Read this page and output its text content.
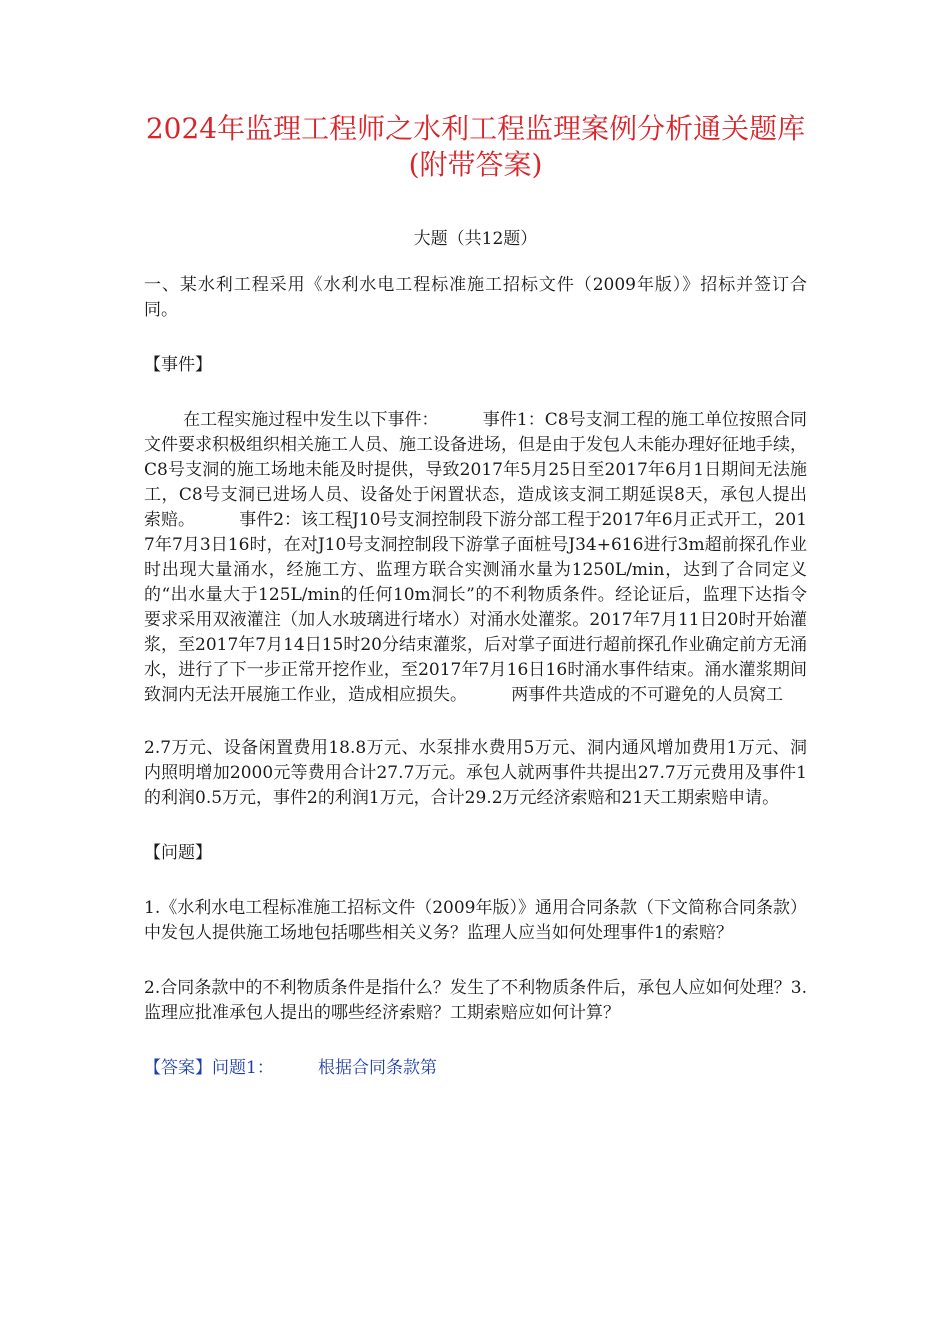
2024年监理工程师之水利工程监理案例分析通关题库(附带答案)
大题（共12题）

一、某水利工程采用《水利水电工程标准施工招标文件（2009年版）》招标并签订合同。

【事件】

在工程实施过程中发生以下事件：	事件1：C8号支洞工程的施工单位按照合同文件要求积极组织相关施工人员、施工设备进场，但是由于发包人未能办理好征地手续，C8号支洞的施工场地未能及时提供，导致2017年5月25日至2017年6月1日期间无法施工，C8号支洞已进场人员、设备处于闲置状态，造成该支洞工期延误8天，承包人提出索赔。	事件2：该工程J10号支洞控制段下游分部工程于2017年6月正式开工，2017年7月3日16时，在对J10号支洞控制段下游掌子面桩号J34+616进行3m超前探孔作业时出现大量涌水，经施工方、监理方联合实测涌水量为1250L/min，达到了合同定义的“出水量大于125L/min的任何10m洞长”的不利物质条件。经论证后，监理下达指令要求采用双液灌注（加人水玻璃进行堵水）对涌水处灌浆。2017年7月11日20时开始灌浆，至2017年7月14日15时20分结束灌浆，后对掌子面进行超前探孔作业确定前方无涌水，进行了下一步正常开挖作业，至2017年7月16日16时涌水事件结束。涌水灌浆期间致洞内无法开展施工作业，造成相应损失。	两事件共造成的不可避免的人员窝工

2.7万元、设备闲置费用18.8万元、水泵排水费用5万元、洞内通风增加费用1万元、洞内照明增加2000元等费用合计27.7万元。承包人就两事件共提出27.7万元费用及事件1的利润0.5万元，事件2的利润1万元，合计29.2万元经济索赔和21天工期索赔申请。

【问题】

1.《水利水电工程标准施工招标文件（2009年版）》通用合同条款（下文简称合同条款）中发包人提供施工场地包括哪些相关义务？监理人应当如何处理事件1的索赔？

2.合同条款中的不利物质条件是指什么？发生了不利物质条件后，承包人应如何处理？3.监理应批准承包人提出的哪些经济索赔？工期索赔应如何计算？

【答案】问题1：	根据合同条款第
